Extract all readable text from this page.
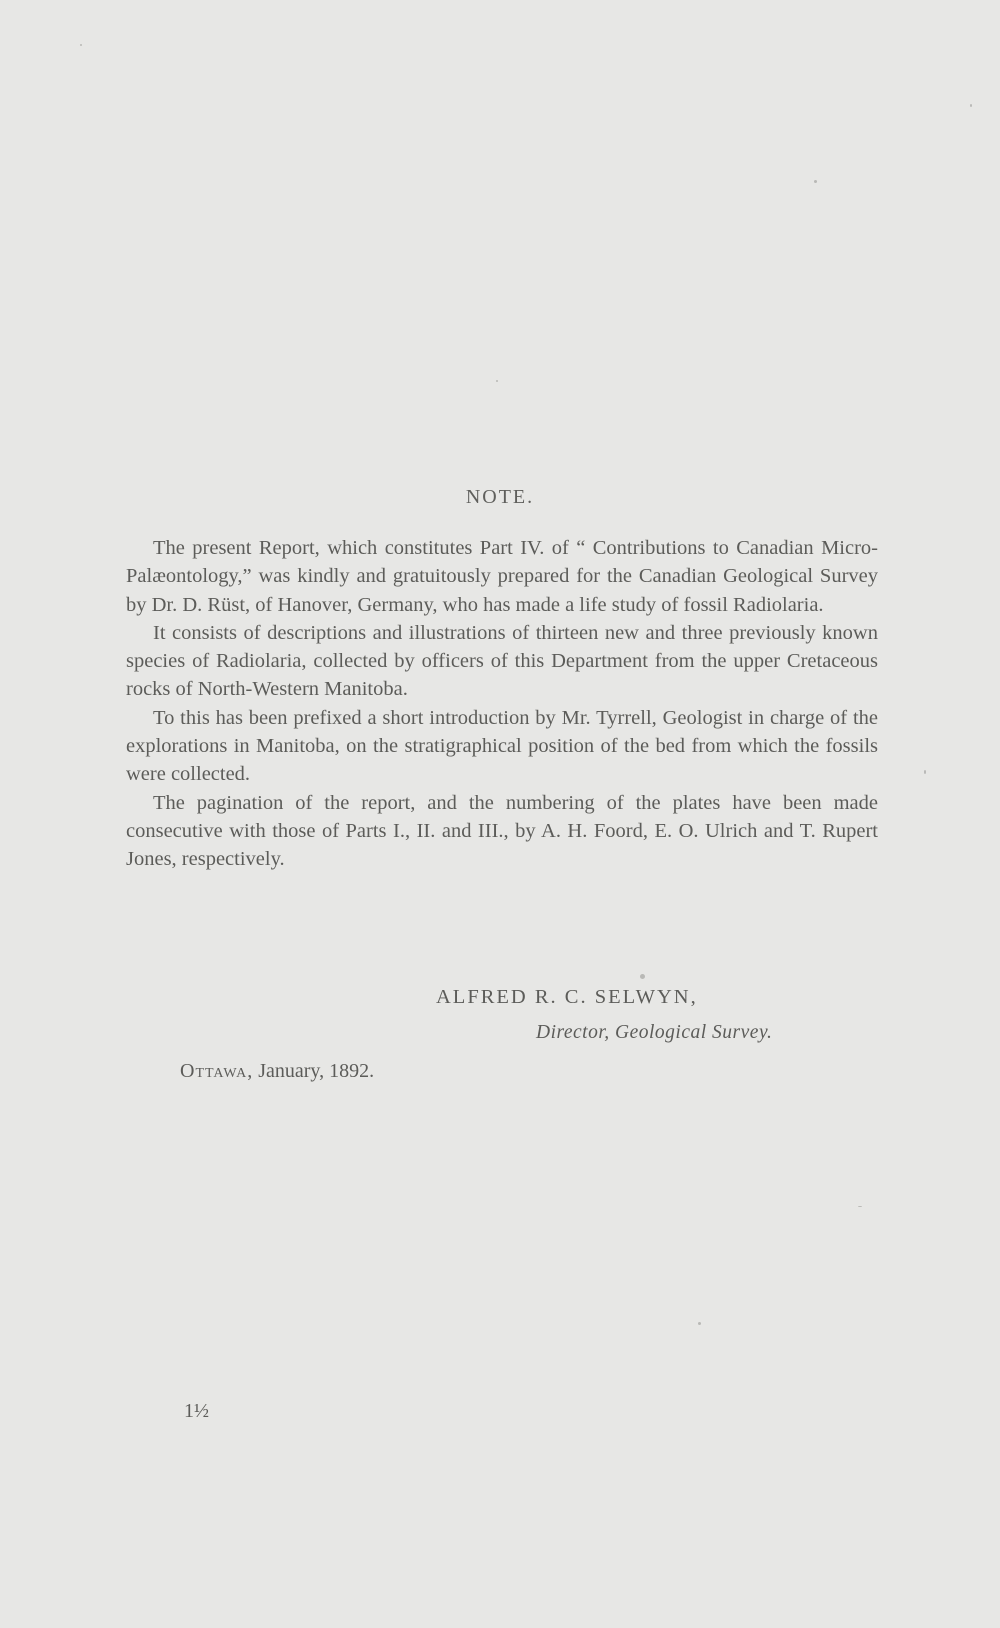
NOTE.

The present Report, which constitutes Part IV. of “ Contributions to Canadian Micro-Palæontology,” was kindly and gratuitously prepared for the Canadian Geological Survey by Dr. D. Rüst, of Hanover, Germany, who has made a life study of fossil Radiolaria.

It consists of descriptions and illustrations of thirteen new and three previously known species of Radiolaria, collected by officers of this Department from the upper Cretaceous rocks of North-Western Manitoba.

To this has been prefixed a short introduction by Mr. Tyrrell, Geologist in charge of the explorations in Manitoba, on the stratigraphical position of the bed from which the fossils were collected.

The pagination of the report, and the numbering of the plates have been made consecutive with those of Parts I., II. and III., by A. H. Foord, E. O. Ulrich and T. Rupert Jones, respectively.

ALFRED R. C. SELWYN,
Director, Geological Survey.
Ottawa, January, 1892.
1½
